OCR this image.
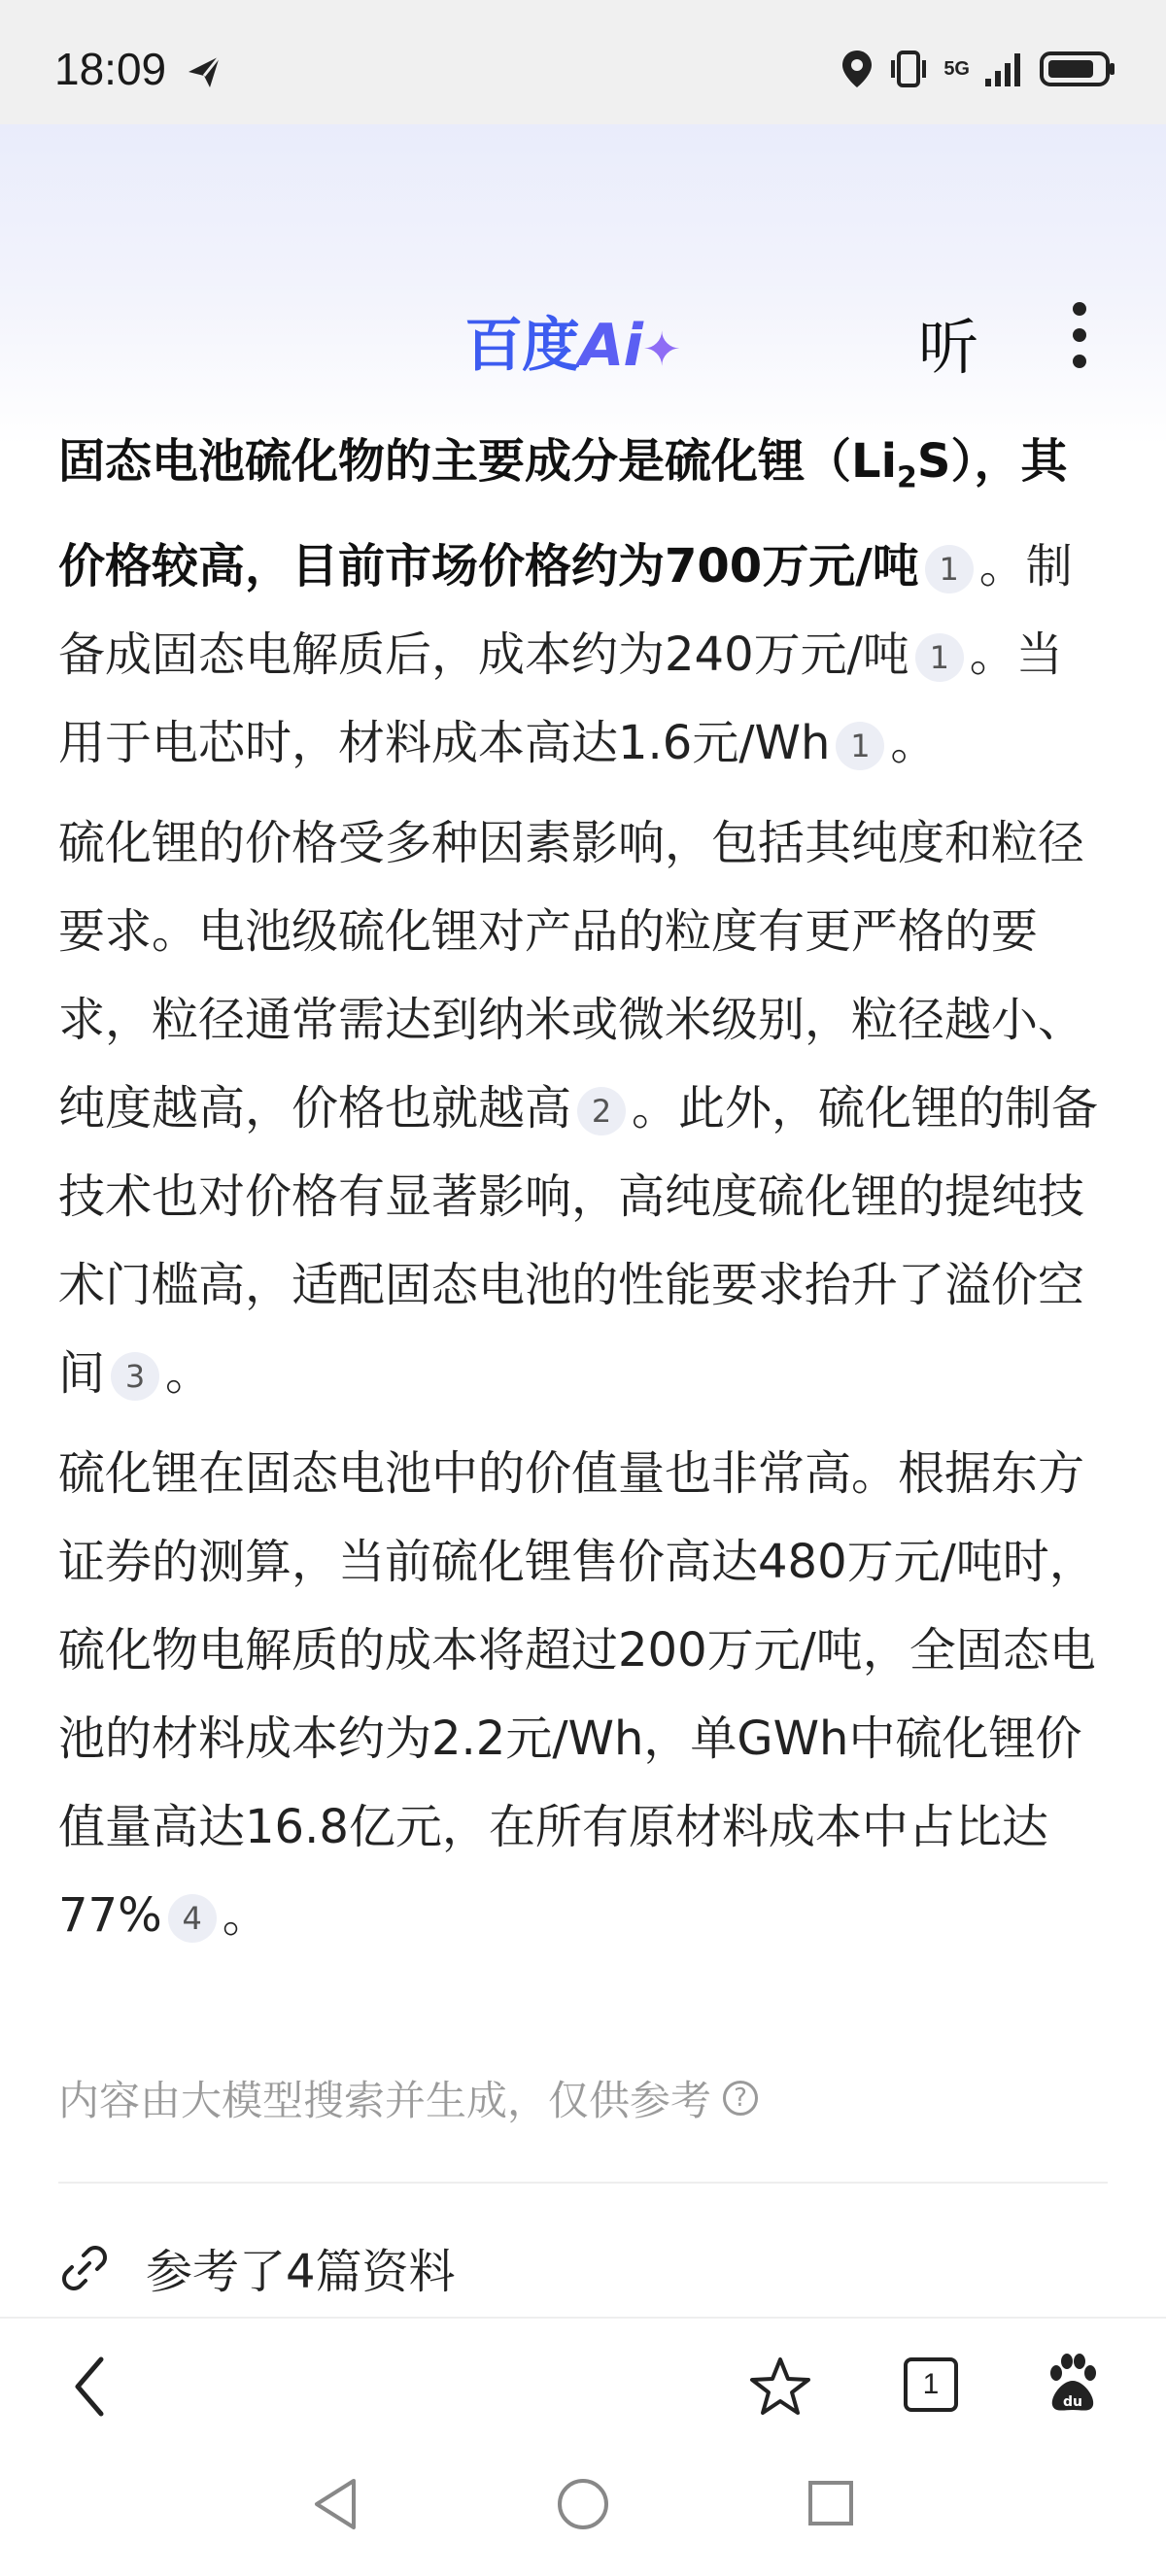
18:09	5G
百度Ai✦	听

固态电池硫化物的主要成分是硫化锂$(Li_2S)$，其价格较高，目前市场价格约为700万元/吨 1 。制备成固态电解质后，成本约为240万元/吨 1 。当用于电芯时，材料成本高达1.6元/Wh 1 。

硫化锂的价格受多种因素影响，包括其纯度和粒径要求。电池级硫化锂对产品的粒度有更严格的要求，粒径通常需达到纳米或微米级别，粒径越小、纯度越高，价格也就越高 2 。此外，硫化锂的制备技术也对价格有显著影响，高纯度硫化锂的提纯技术门槛高，适配固态电池的性能要求抬升了溢价空间 3 。

硫化锂在固态电池中的价值量也非常高。根据东方证券的测算，当前硫化锂售价高达480万元/吨时，硫化物电解质的成本将超过200万元/吨，全固态电池的材料成本约为2.2元/Wh，单GWh中硫化锂价值量高达16.8亿元，在所有原材料成本中占比达77% 4 。

内容由大模型搜索并生成，仅供参考 ?
参考了4篇资料
1
du
